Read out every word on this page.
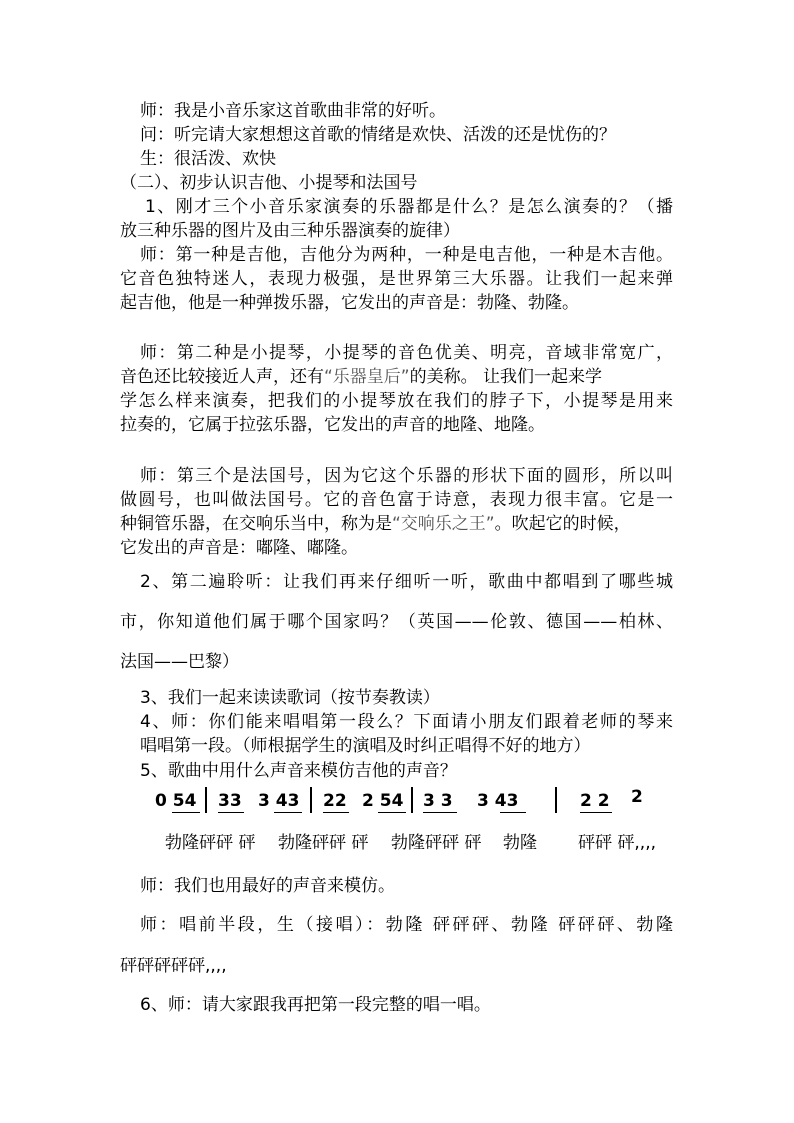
师：我是小音乐家这首歌曲非常的好听。

问：听完请大家想想这首歌的情绪是欢快、活泼的还是忧伤的？

生：很活泼、欢快

（二）、初步认识吉他、小提琴和法国号

1、刚才三个小音乐家演奏的乐器都是什么？是怎么演奏的？（播

放三种乐器的图片及由三种乐器演奏的旋律）

师：第一种是吉他，吉他分为两种，一种是电吉他，一种是木吉他。

它音色独特迷人，表现力极强，是世界第三大乐器。让我们一起来弹

起吉他，他是一种弹拨乐器，它发出的声音是：勃隆、勃隆。

师：第二种是小提琴，小提琴的音色优美、明亮，音域非常宽广，

音色还比较接近人声，还有“乐器皇后”的美称。 让我们一起来学

学怎么样来演奏，把我们的小提琴放在我们的脖子下，小提琴是用来

拉奏的，它属于拉弦乐器，它发出的声音的地隆、地隆。

师：第三个是法国号，因为它这个乐器的形状下面的圆形，所以叫

做圆号，也叫做法国号。它的音色富于诗意，表现力很丰富。它是一

种铜管乐器，在交响乐当中，称为是“交响乐之王”。吹起它的时候，

它发出的声音是：嘟隆、嘟隆。

2、第二遍聆听：让我们再来仔细听一听，歌曲中都唱到了哪些城

市，你知道他们属于哪个国家吗？（英国——伦敦、德国——柏林、

法国——巴黎）

3、我们一起来读读歌词（按节奏教读）

4、师：你们能来唱唱第一段么？下面请小朋友们跟着老师的琴来

唱唱第一段。（师根据学生的演唱及时纠正唱得不好的地方）

5、歌曲中用什么声音来模仿吉他的声音？

0 54 33 3 43 22 2 54 3 3 3 43	2 2 2
勃隆砰砰 砰 勃隆砰砰 砰 勃隆砰砰 砰 勃隆 砰砰 砰,,,,

师：我们也用最好的声音来模仿。

师：唱前半段，生（接唱）：勃隆 砰砰砰、勃隆 砰砰砰、勃隆

砰砰砰砰砰,,,,

6、师：请大家跟我再把第一段完整的唱一唱。
